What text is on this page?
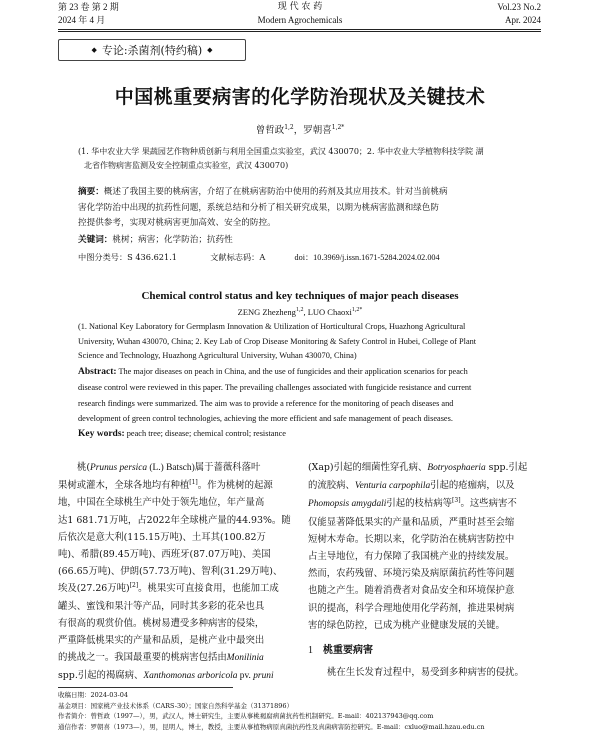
第 23 卷 第 2 期
2024 年 4 月
现 代 农 药
Modern Agrochemicals
Vol.23 No.2
Apr. 2024
◆ 专论:杀菌剂(特约稿) ◆
中国桃重要病害的化学防治现状及关键技术
曾哲政$^{1,2}$，罗朝喜$^{1,2*}$
(1. 华中农业大学 果蔬园艺作物种质创新与利用全国重点实验室，武汉 430070；2. 华中农业大学植物科技学院 湖
北省作物病害监测及安全控制重点实验室，武汉 430070)
摘要：概述了我国主要的桃病害，介绍了在桃病害防治中使用的药剂及其应用技术。针对当前桃病
害化学防治中出现的抗药性问题，系统总结和分析了相关研究成果，以期为桃病害监测和绿色防
控提供参考，实现对桃病害更加高效、安全的防控。
关键词：桃树；病害；化学防治；抗药性
中图分类号：S 436.621.1	文献标志码：A	doi：10.3969/j.issn.1671-5284.2024.02.004
Chemical control status and key techniques of major peach diseases
ZENG Zhezheng$^{1,2}$, LUO Chaoxi$^{1,2*}$
(1. National Key Laboratory for Germplasm Innovation & Utilization of Horticultural Crops, Huazhong Agricultural
University, Wuhan 430070, China; 2. Key Lab of Crop Disease Monitoring & Safety Control in Hubei, College of Plant
Science and Technology, Huazhong Agricultural University, Wuhan 430070, China)
Abstract: The major diseases on peach in China, and the use of fungicides and their application scenarios for peach
disease control were reviewed in this paper. The prevailing challenges associated with fungicide resistance and current
research findings were summarized. The aim was to provide a reference for the monitoring of peach diseases and
development of green control technologies, achieving the more efficient and safe management of peach diseases.
Key words: peach tree; disease; chemical control; resistance
桃(Prunus persica (L.) Batsch)属于蔷薇科落叶
果树或灌木，全球各地均有种植[1]。作为桃树的起源
地，中国在全球桃生产中处于领先地位，年产量高
达1 681.71万吨，占2022年全球桃产量的44.93%。随
后依次是意大利(115.15万吨)、土耳其(100.82万
吨)、希腊(89.45万吨)、西班牙(87.07万吨)、美国
(66.65万吨)、伊朗(57.73万吨)、智利(31.29万吨)、
埃及(27.26万吨)[2]。桃果实可直接食用，也能加工成
罐头、蜜饯和果汁等产品，同时其多彩的花朵也具
有很高的观赏价值。桃树易遭受多种病害的侵染，
严重降低桃果实的产量和品质，是桃产业中最突出
的挑战之一。我国最重要的桃病害包括由Monilinia
spp.引起的褐腐病、Xanthomonas arboricola pv. pruni
(Xap)引起的细菌性穿孔病、Botryosphaeria spp.引起
的流胶病、Venturia carpophila引起的疮痂病，以及
Phomopsis amygdali引起的枝枯病等[3]。这些病害不
仅能显著降低果实的产量和品质，严重时甚至会缩
短树木寿命。长期以来，化学防治在桃病害防控中
占主导地位，有力保障了我国桃产业的持续发展。
然而，农药残留、环境污染及病原菌抗药性等问题
也随之产生。随着消费者对食品安全和环境保护意
识的提高，科学合理地使用化学药剂，推进果树病
害的绿色防控，已成为桃产业健康发展的关键。
1 桃重要病害
桃在生长发育过程中，易受到多种病害的侵扰。
收稿日期：2024-03-04
基金项目：国家桃产业技术体系（CARS-30）；国家自然科学基金（31371896）
作者简介：曾哲政（1997—），男，武汉人，博士研究生，主要从事桃褐腐病菌抗药性机制研究。E-mail：402137943@qq.com
通信作者：罗朝喜（1973—），男，昆明人，博士，教授，主要从事植物病原真菌抗药性及真菌病害防控研究。E-mail：cxluo@mail.hzau.edu.cn
